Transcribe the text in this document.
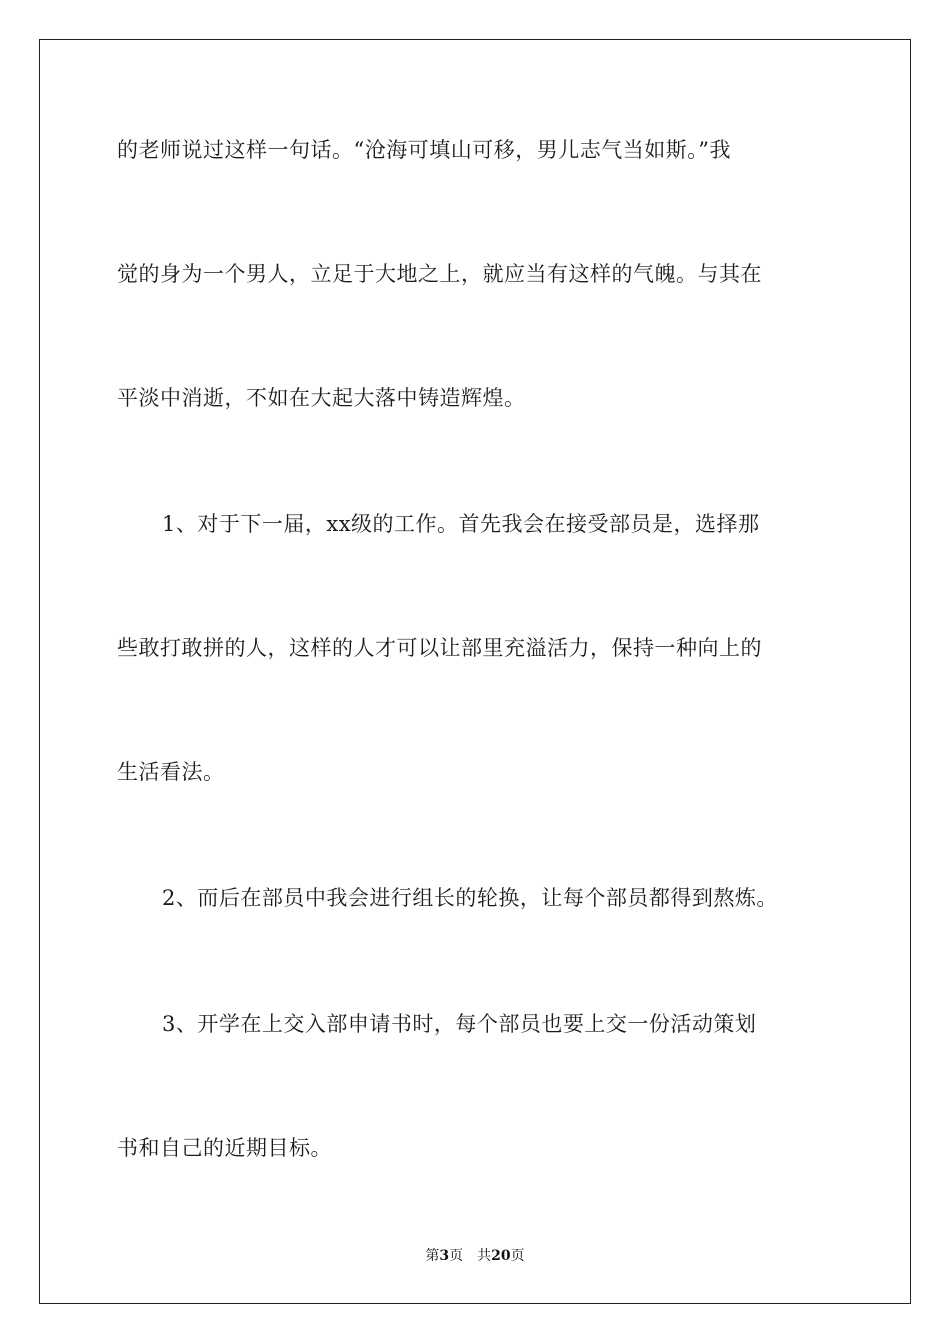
的老师说过这样一句话。“沧海可填山可移，男儿志气当如斯。”我
觉的身为一个男人，立足于大地之上，就应当有这样的气魄。与其在
平淡中消逝，不如在大起大落中铸造辉煌。
1、对于下一届，xx级的工作。首先我会在接受部员是，选择那
些敢打敢拼的人，这样的人才可以让部里充溢活力，保持一种向上的
生活看法。
2、而后在部员中我会进行组长的轮换，让每个部员都得到熬炼。
3、开学在上交入部申请书时，每个部员也要上交一份活动策划
书和自己的近期目标。
第3页 共20页
